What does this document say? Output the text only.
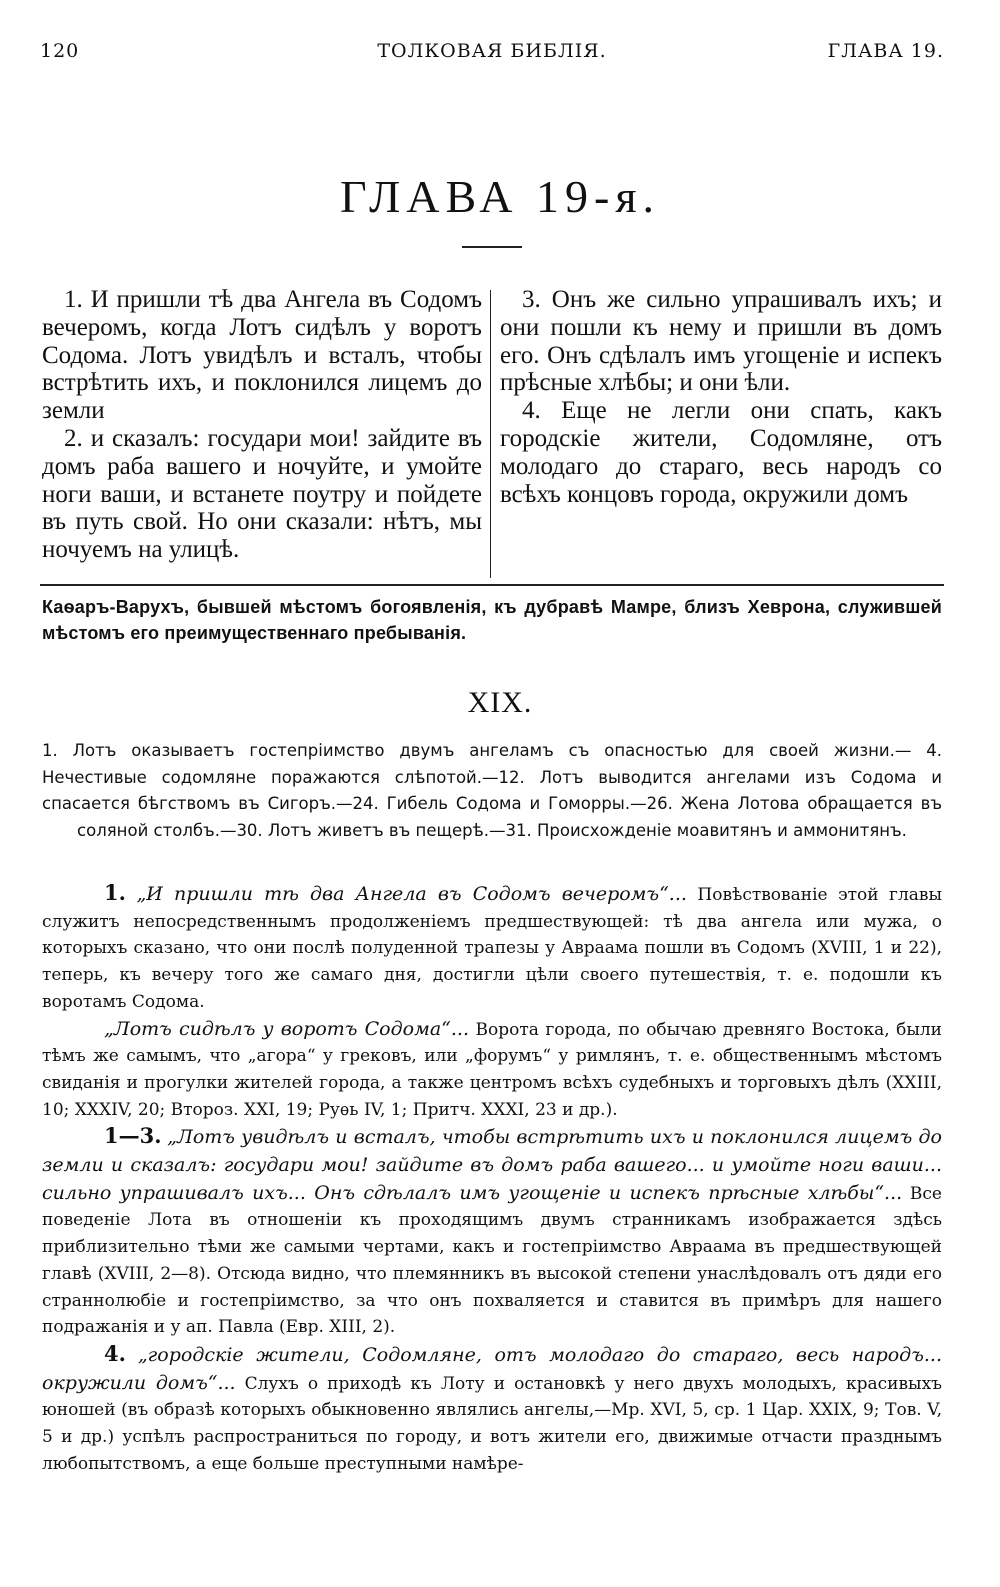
120	ТОЛКОВАЯ БИБЛІЯ.	ГЛАВА 19.
ГЛАВА 19-я.

1. И пришли тѣ два Ангела въ Содомъ вечеромъ, когда Лотъ сидѣлъ у воротъ Содома. Лотъ увидѣлъ и всталъ, чтобы встрѣтить ихъ, и поклонился лицемъ до земли

2. и сказалъ: государи мои! зайдите въ домъ раба вашего и ночуйте, и умойте ноги ваши, и встанете поутру и пойдете въ путь свой. Но они сказали: нѣтъ, мы ночуемъ на улицѣ.

3. Онъ же сильно упрашивалъ ихъ; и они пошли къ нему и пришли въ домъ его. Онъ сдѣлалъ имъ угощеніе и испекъ прѣсные хлѣбы; и они ѣли.

4. Еще не легли они спать, какъ городскіе жители, Содомляне, отъ молодаго до стараго, весь народъ со всѣхъ концовъ города, окружили домъ

Каѳаръ-Варухъ, бывшей мѣстомъ богоявленія, къ дубравѣ Мамре, близъ Хеврона, служившей мѣстомъ его преимущественнаго пребыванія.
XIX.
1. Лотъ оказываетъ гостепріимство двумъ ангеламъ съ опасностью для своей жизни.— 4. Нечестивые содомляне поражаются слѣпотой.—12. Лотъ выводится ангелами изъ Содома и спасается бѣгствомъ въ Сигоръ.—24. Гибель Содома и Гоморры.—26. Жена Лотова обращается въ соляной столбъ.—30. Лотъ живетъ въ пещерѣ.—31. Происхожденіе моавитянъ и аммонитянъ.

1. „И пришли тѣ два Ангела въ Содомъ вечеромъ“... Повѣствованіе этой главы служитъ непосредственнымъ продолженіемъ предшествующей: тѣ два ангела или мужа, о которыхъ сказано, что они послѣ полуденной трапезы у Авраама пошли въ Содомъ (XVIII, 1 и 22), теперь, къ вечеру того же самаго дня, достигли цѣли своего путешествія, т. е. подошли къ воротамъ Содома.

„Лотъ сидѣлъ у воротъ Содома“... Ворота города, по обычаю древняго Востока, были тѣмъ же самымъ, что „агора“ у грековъ, или „форумъ“ у римлянъ, т. е. общественнымъ мѣстомъ свиданія и прогулки жителей города, а также центромъ всѣхъ судебныхъ и торговыхъ дѣлъ (XXIII, 10; XXXIV, 20; Второз. XXI, 19; Руѳь IV, 1; Притч. XXXI, 23 и др.).

1—3. „Лотъ увидѣлъ и всталъ, чтобы встрѣтить ихъ и поклонился лицемъ до земли и сказалъ: государи мои! зайдите въ домъ раба вашего... и умойте ноги ваши... сильно упрашивалъ ихъ... Онъ сдѣлалъ имъ угощеніе и испекъ прѣсные хлѣбы“... Все поведеніе Лота въ отношеніи къ проходящимъ двумъ странникамъ изображается здѣсь приблизительно тѣми же самыми чертами, какъ и гостепріимство Авраама въ предшествующей главѣ (XVIII, 2—8). Отсюда видно, что племянникъ въ высокой степени унаслѣдовалъ отъ дяди его страннолюбіе и гостепріимство, за что онъ похваляется и ставится въ примѣръ для нашего подражанія и у ап. Павла (Евр. XIII, 2).

4. „городскіе жители, Содомляне, отъ молодаго до стараго, весь народъ... окружили домъ“... Слухъ о приходѣ къ Лоту и остановкѣ у него двухъ молодыхъ, красивыхъ юношей (въ образѣ которыхъ обыкновенно являлись ангелы,—Мр. XVI, 5, ср. 1 Цар. XXIX, 9; Тов. V, 5 и др.) успѣлъ распространиться по городу, и вотъ жители его, движимые отчасти празднымъ любопытствомъ, а еще больше преступными намѣре-
